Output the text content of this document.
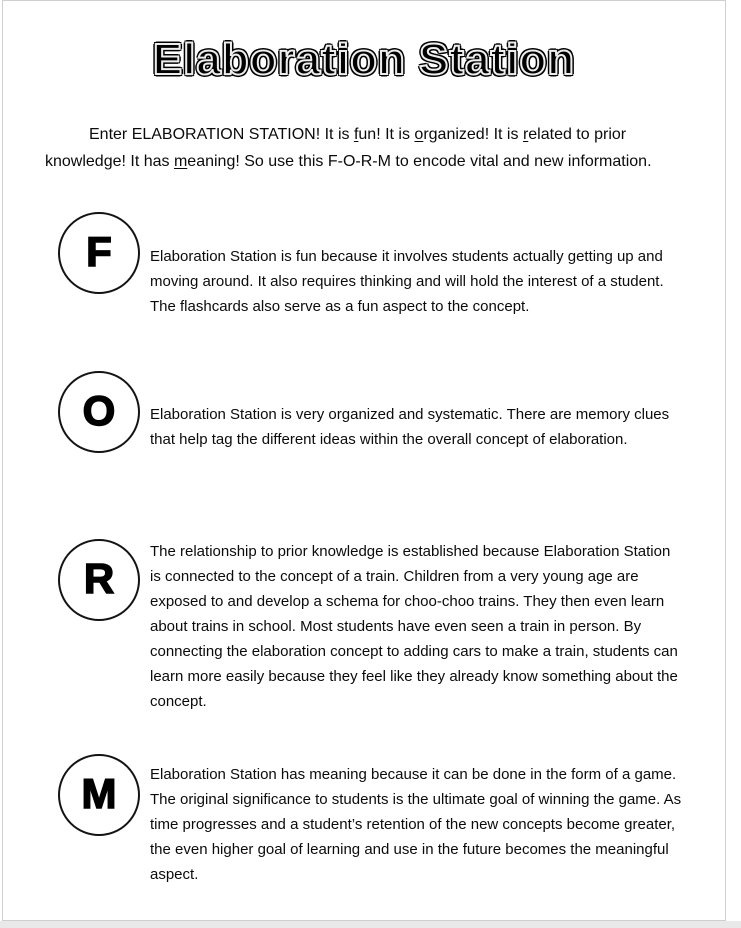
Elaboration Station

Enter ELABORATION STATION! It is fun! It is organized! It is related to prior knowledge! It has meaning! So use this F-O-R-M to encode vital and new information.

F	Elaboration Station is fun because it involves students actually getting up and moving around. It also requires thinking and will hold the interest of a student. The flashcards also serve as a fun aspect to the concept.

O Elaboration Station is very organized and systematic. There are memory clues that help tag the different ideas within the overall concept of elaboration.

R

The relationship to prior knowledge is established because Elaboration Station is connected to the concept of a train. Children from a very young age are exposed to and develop a schema for choo-choo trains. They then even learn about trains in school. Most students have even seen a train in person. By connecting the elaboration concept to adding cars to make a train, students can learn more easily because they feel like they already know something about the concept.

M Elaboration Station has meaning because it can be done in the form of a game. The original significance to students is the ultimate goal of winning the game. As time progresses and a student’s retention of the new concepts become greater, the even higher goal of learning and use in the future becomes the meaningful aspect.
